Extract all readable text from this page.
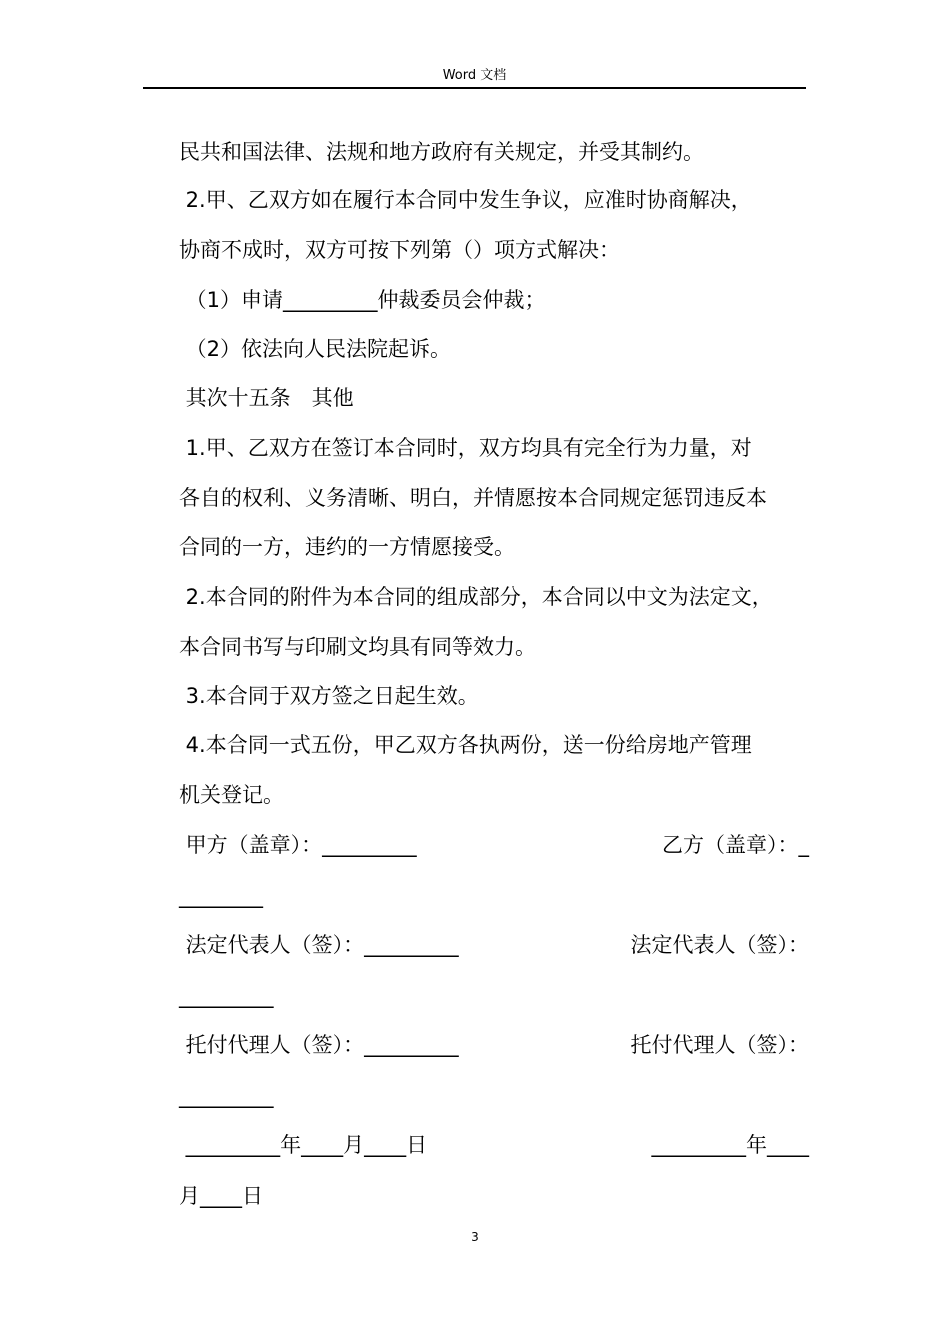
Word 文档
民共和国法律、法规和地方政府有关规定，并受其制约。
2.甲、乙双方如在履行本合同中发生争议，应准时协商解决，
协商不成时，双方可按下列第（）项方式解决：
（1）申请_________仲裁委员会仲裁；
（2）依法向人民法院起诉。
其次十五条　其他
1.甲、乙双方在签订本合同时，双方均具有完全行为力量，对
各自的权利、义务清晰、明白，并情愿按本合同规定惩罚违反本
合同的一方，违约的一方情愿接受。
2.本合同的附件为本合同的组成部分，本合同以中文为法定文，
本合同书写与印刷文均具有同等效力。
3.本合同于双方签之日起生效。
4.本合同一式五份，甲乙双方各执两份，送一份给房地产管理
机关登记。
甲方（盖章）：_________	乙方（盖章）：_
________
法定代表人（签）：_________	法定代表人（签）：
_________
托付代理人（签）：_________	托付代理人（签）：
_________
_________年____月____日	_________年____
月____日
3
